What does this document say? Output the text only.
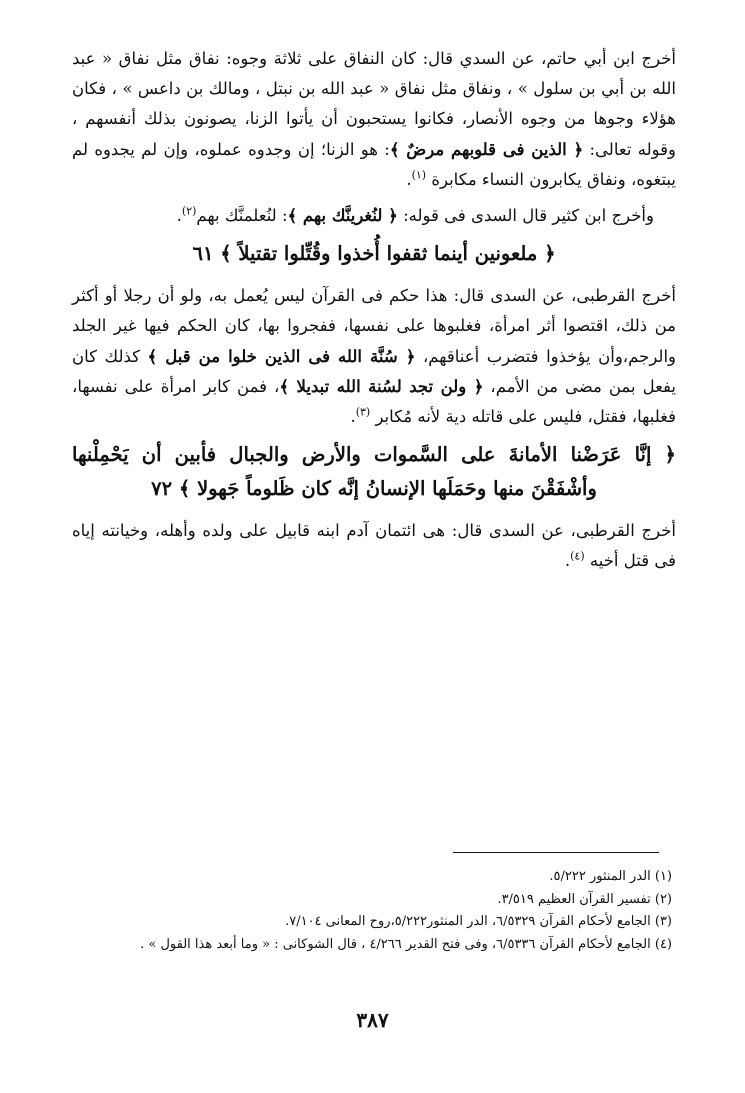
أخرج ابن أبي حاتم، عن السدي قال: كان النفاق على ثلاثة وجوه: نفاق مثل نفاق « عبد الله بن أبي بن سلول » ، ونفاق مثل نفاق « عبد الله بن نبتل ، ومالك بن داعس » ، فكان هؤلاء وجوها من وجوه الأنصار، فكانوا يستحبون أن يأتوا الزنا، يصونون بذلك أنفسهم ، وقوله تعالى: ﴿ الذين فى قلوبهم مرضٌ ﴾: هو الزنا؛ إن وجدوه عملوه، وإن لم يجدوه لم يبتغوه، ونفاق يكابرون النساء مكابرة $^{(١)}$.

وأخرج ابن كثير قال السدى فى قوله: ﴿ لنُغرينَّك بهم ﴾: لنُعلمنَّك بهم$^{(٢)}$.

﴿ ملعونين أينما ثقفوا أُخذوا وقُتِّلوا تقتيلاً ﴾ ٦١

أخرج القرطبى، عن السدى قال: هذا حكم فى القرآن ليس يُعمل به، ولو أن رجلا أو أكثر من ذلك، اقتصوا أثر امرأة، فغلبوها على نفسها، ففجروا بها، كان الحكم فيها غير الجلد والرجم،وأن يؤخذوا فتضرب أعناقهم، ﴿ سُنَّة الله فى الذين خلوا من قبل ﴾ كذلك كان يفعل بمن مضى من الأمم، ﴿ ولن تجد لسُنة الله تبديلا ﴾، فمن كابر امرأة على نفسها، فغلبها، فقتل، فليس على قاتله دية لأنه مُكابر $^{(٣)}$.

﴿ إنَّا عَرَضْنا الأمانةَ على السَّموات والأرض والجبال فأبين أن يَحْمِلْنها وأشْفَقْنَ منها وحَمَلَها الإنسانُ إنَّه كان ظَلوماً جَهولا ﴾ ٧٢

أخرج القرطبى، عن السدى قال: هى ائتمان آدم ابنه قابيل على ولده وأهله، وخيانته إياه فى قتل أخيه $^{(٤)}$.

(١) الدر المنثور ٥/٢٢٢.
(٢) تفسير القرآن العظيم ٣/٥١٩.
(٣) الجامع لأحكام القرآن ٦/٥٣٢٩، الدر المنثور٥/٢٢٢،روح المعانى ٧/١٠٤.
(٤) الجامع لأحكام القرآن ٦/٥٣٣٦، وفى فتح القدير ٤/٢٦٦ ، قال الشوكانى : « وما أبعد هذا القول » .
٣٨٧
